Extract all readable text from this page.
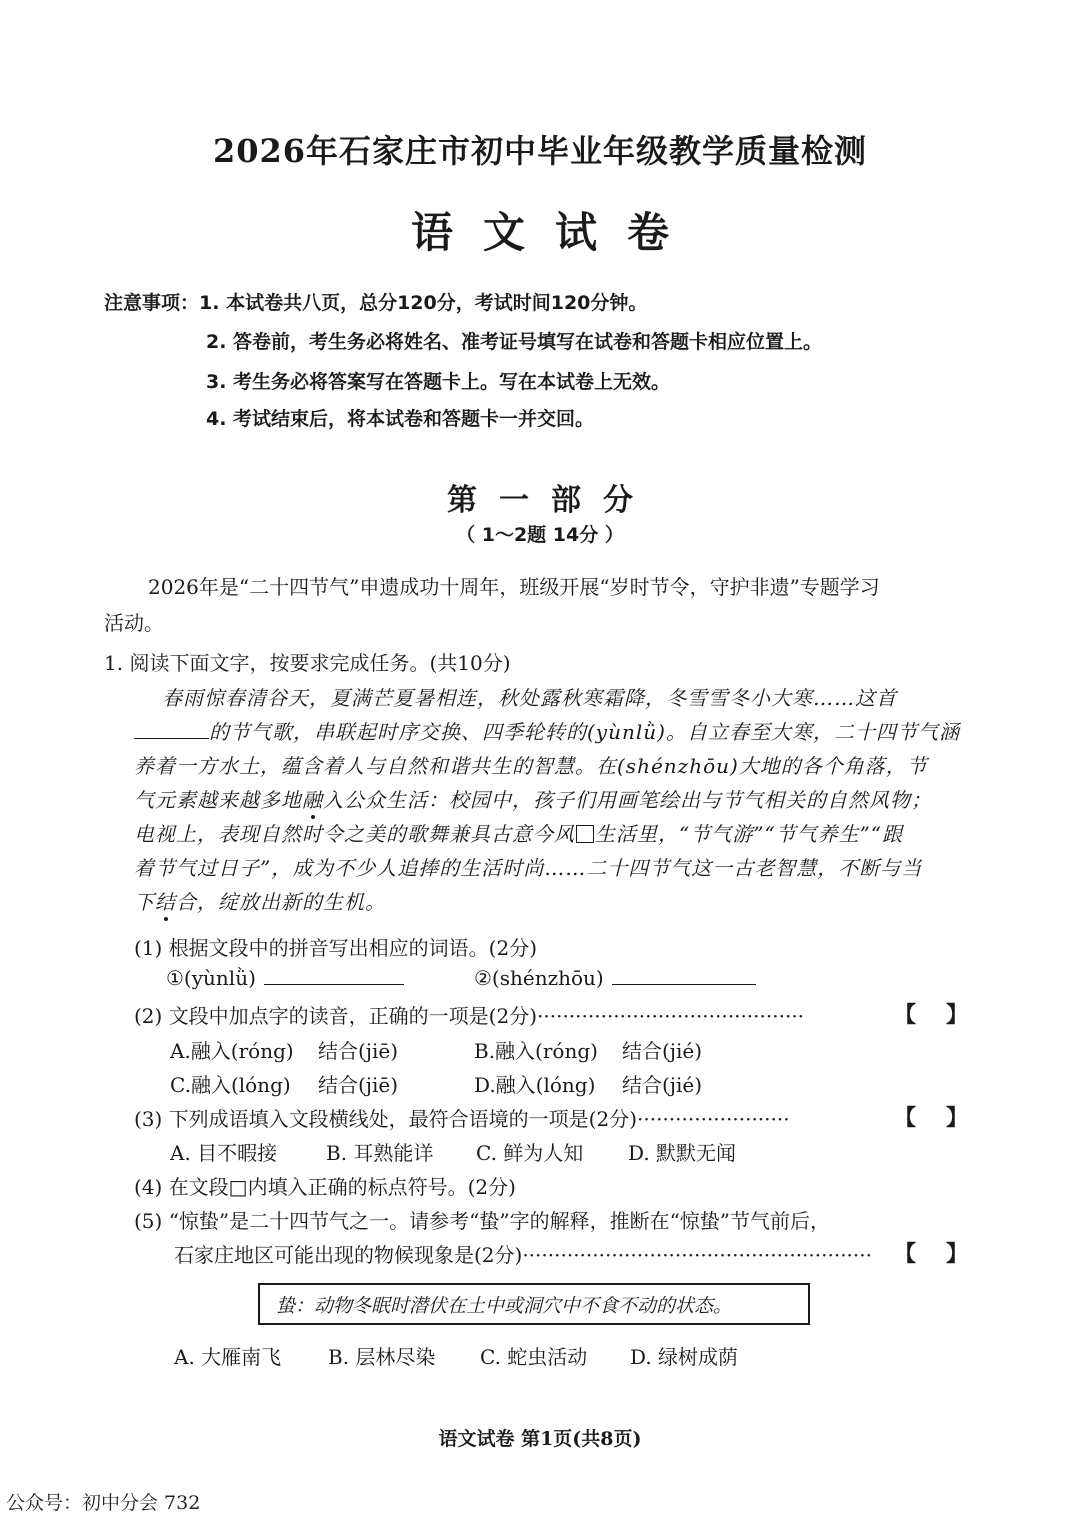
2026年石家庄市初中毕业年级教学质量检测
语文试卷
注意事项：1. 本试卷共八页，总分120分，考试时间120分钟。
2. 答卷前，考生务必将姓名、准考证号填写在试卷和答题卡相应位置上。
3. 考生务必将答案写在答题卡上。写在本试卷上无效。
4. 考试结束后，将本试卷和答题卡一并交回。
第一部分
（ 1～2题 14分 ）
2026年是“二十四节气”申遗成功十周年，班级开展“岁时节令，守护非遗”专题学习
活动。
1. 阅读下面文字，按要求完成任务。(共10分)
春雨惊春清谷天，夏满芒夏暑相连，秋处露秋寒霜降，冬雪雪冬小大寒……这首
的节气歌，串联起时序交换、四季轮转的(yùnlǜ)。自立春至大寒，二十四节气涵
养着一方水土，蕴含着人与自然和谐共生的智慧。在(shénzhōu)大地的各个角落，节
气元素越来越多地融入公众生活：校园中，孩子们用画笔绘出与节气相关的自然风物；
电视上，表现自然时令之美的歌舞兼具古意今风 生活里，“节气游”“节气养生”“跟
着节气过日子”，成为不少人追捧的生活时尚……二十四节气这一古老智慧，不断与当
下结合，绽放出新的生机。
(1) 根据文段中的拼音写出相应的词语。(2分)
①(yùnlǜ)	②(shénzhōu)
(2) 文段中加点字的读音，正确的一项是(2分)··········································	【 】
A.融入(róng) 结合(jiē)	B.融入(róng) 结合(jié)
C.融入(lóng) 结合(jiē)	D.融入(lóng) 结合(jié)
(3) 下列成语填入文段横线处，最符合语境的一项是(2分)························	【 】
A. 目不暇接 B. 耳熟能详 C. 鲜为人知 D. 默默无闻
(4) 在文段□内填入正确的标点符号。(2分)
(5) “惊蛰”是二十四节气之一。请参考“蛰”字的解释，推断在“惊蛰”节气前后，
石家庄地区可能出现的物候现象是(2分)·······················································	【 】
蛰：动物冬眠时潜伏在土中或洞穴中不食不动的状态。
A. 大雁南飞 B. 层林尽染 C. 蛇虫活动 D. 绿树成荫
语文试卷 第1页(共8页)
公众号：初中分会 732
